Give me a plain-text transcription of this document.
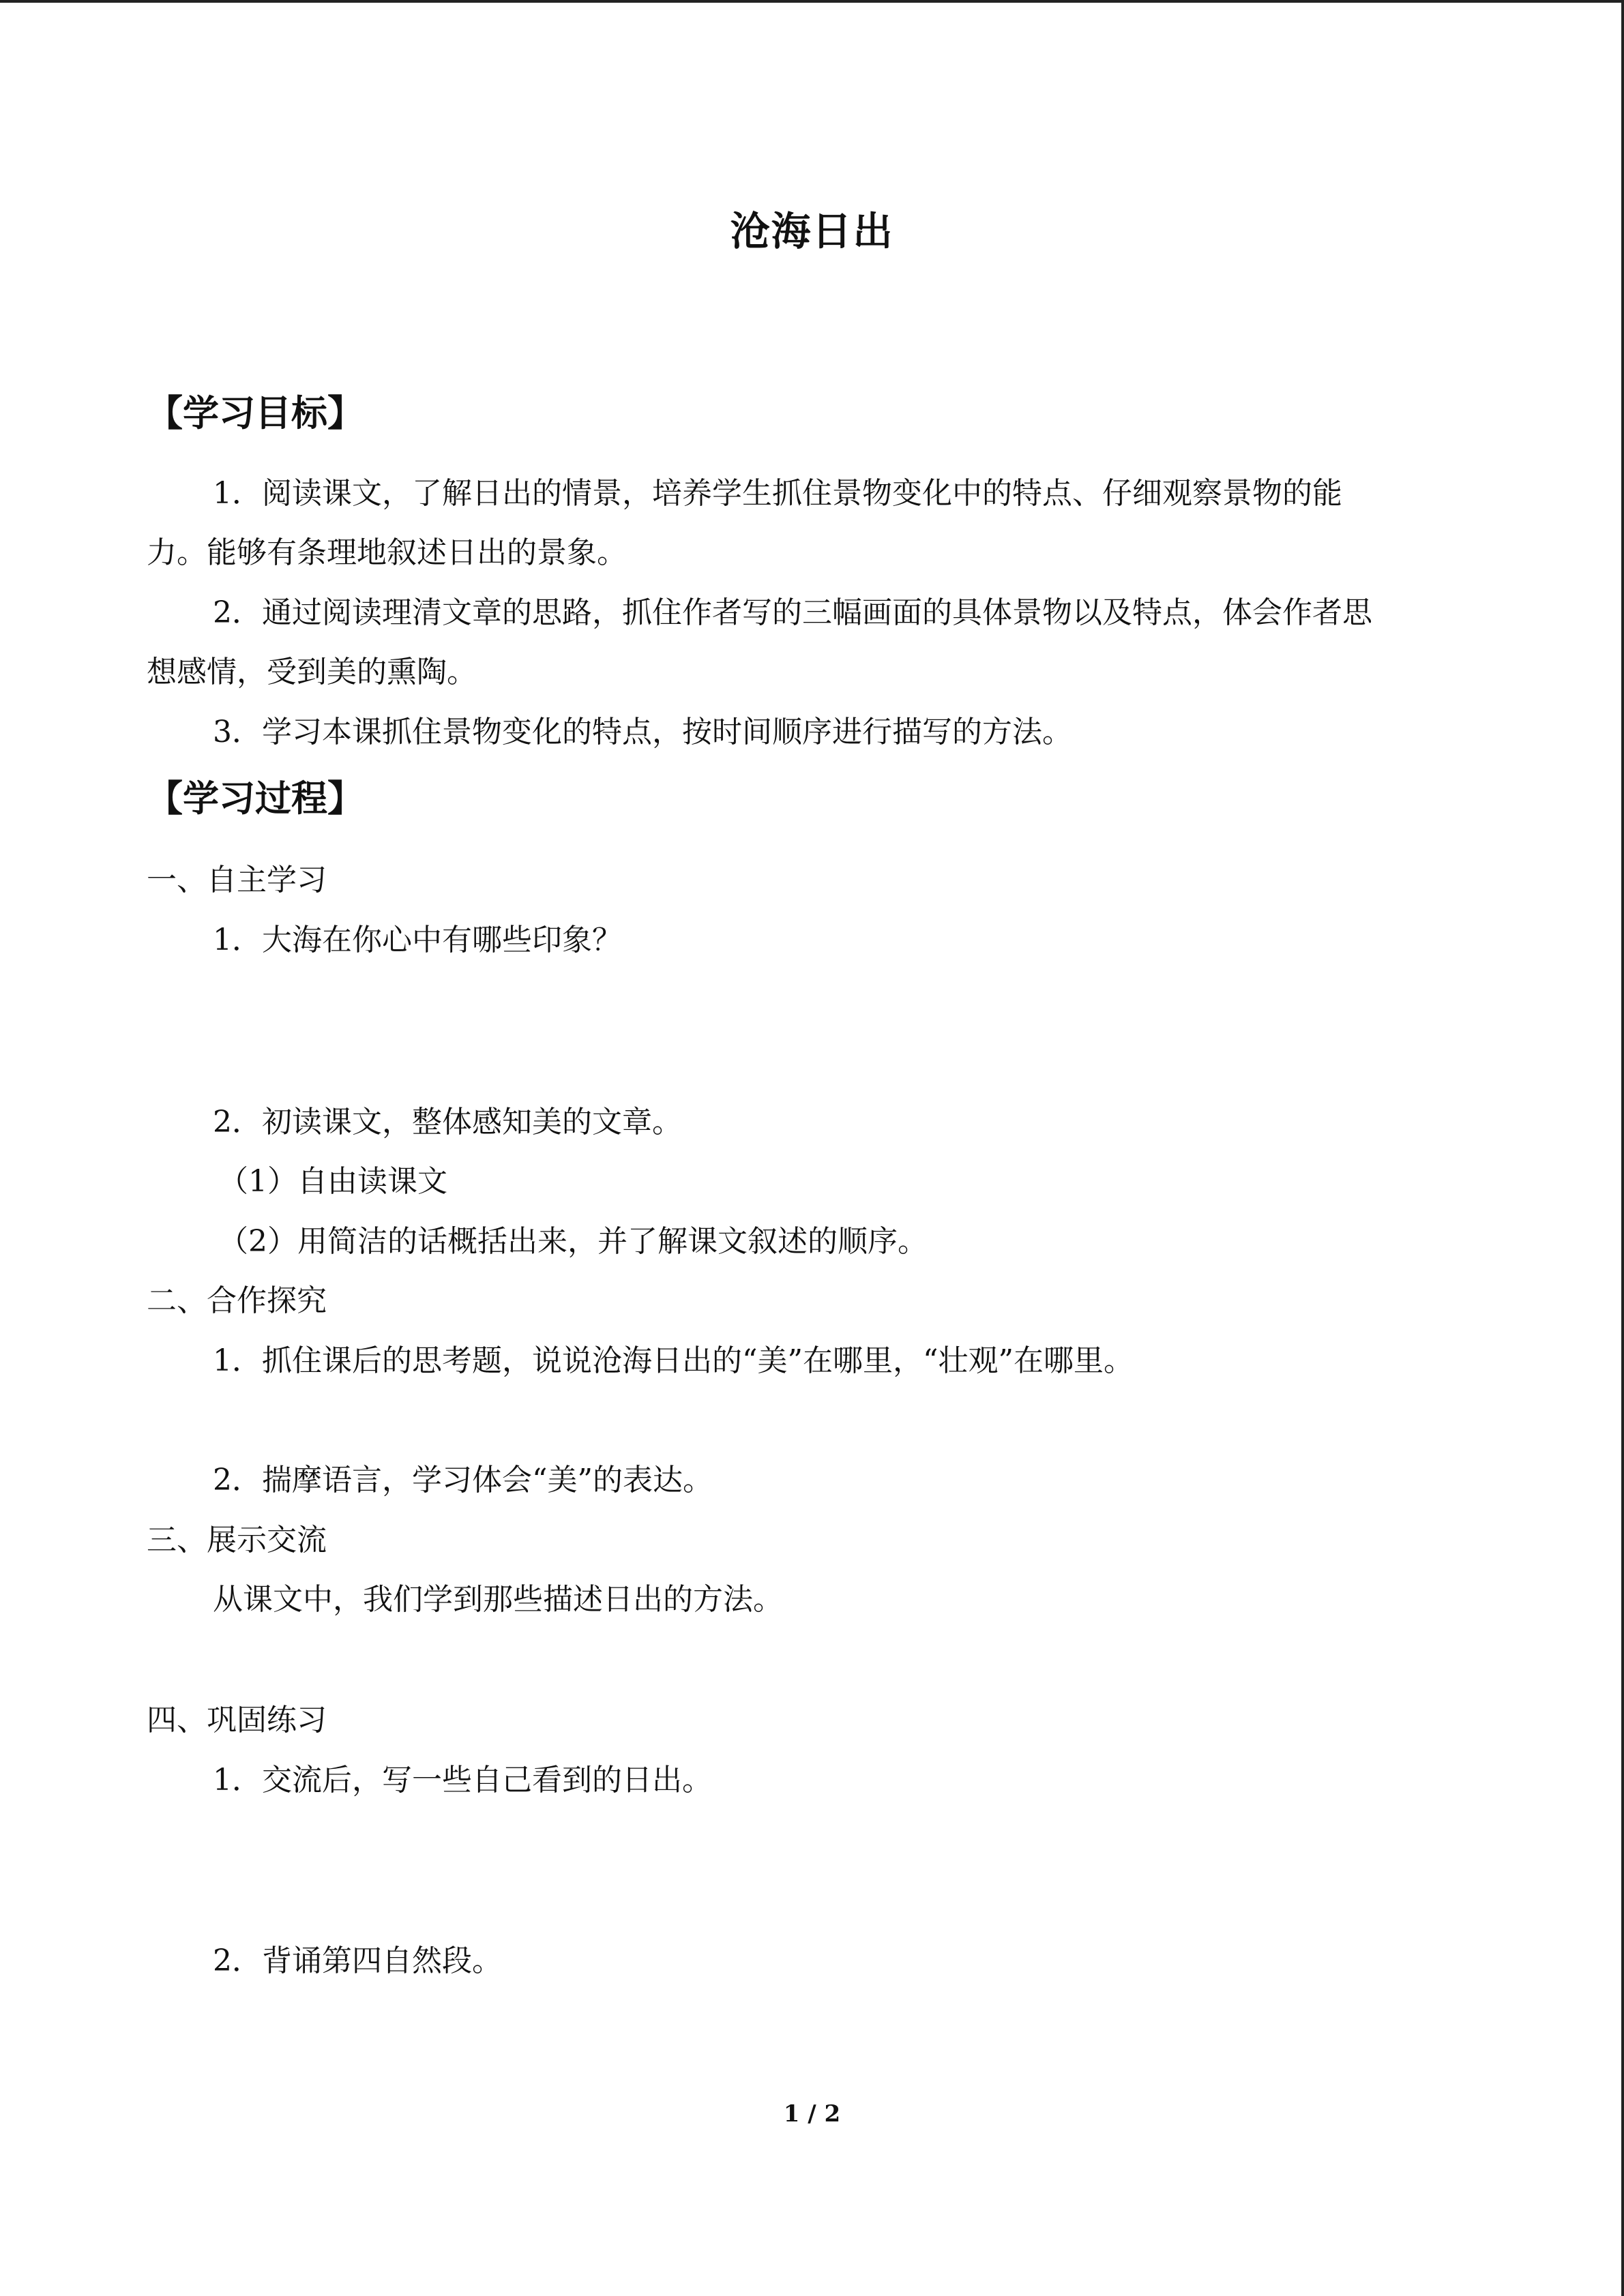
沧海日出
【学习目标】
1．阅读课文，了解日出的情景，培养学生抓住景物变化中的特点、仔细观察景物的能
力。能够有条理地叙述日出的景象。
2．通过阅读理清文章的思路，抓住作者写的三幅画面的具体景物以及特点，体会作者思
想感情，受到美的熏陶。
3．学习本课抓住景物变化的特点，按时间顺序进行描写的方法。
【学习过程】
一、自主学习
1．大海在你心中有哪些印象？
2．初读课文，整体感知美的文章。
（1）自由读课文
（2）用简洁的话概括出来，并了解课文叙述的顺序。
二、合作探究
1．抓住课后的思考题，说说沧海日出的“美”在哪里，“壮观”在哪里。
2．揣摩语言，学习体会“美”的表达。
三、展示交流
从课文中，我们学到那些描述日出的方法。
四、巩固练习
1．交流后，写一些自己看到的日出。
2．背诵第四自然段。
1 / 2
